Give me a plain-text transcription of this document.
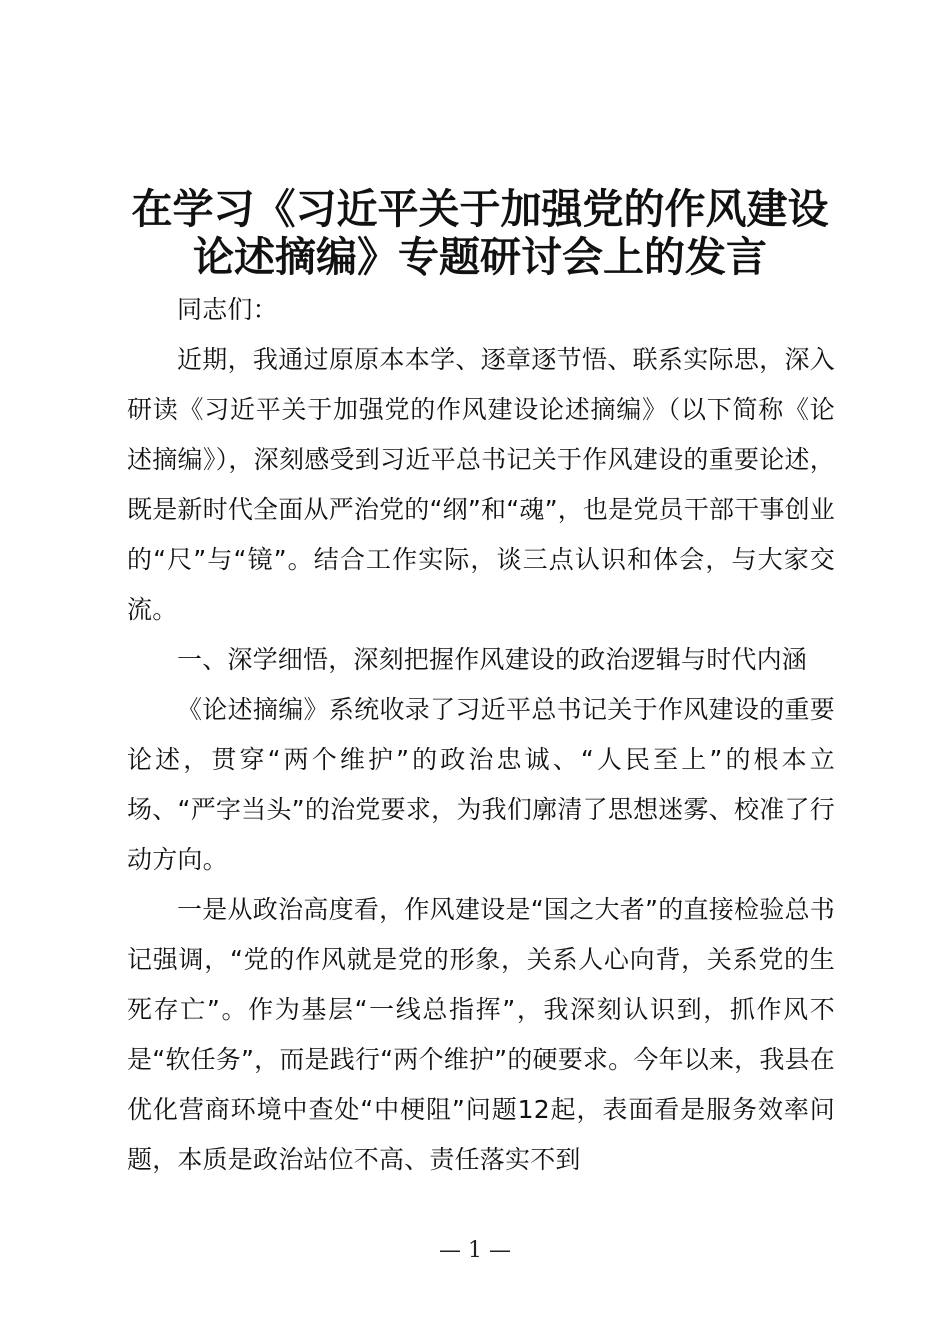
在学习《习近平关于加强党的作风建设
论述摘编》专题研讨会上的发言

同志们：

近期，我通过原原本本学、逐章逐节悟、联系实际思，深入研读《习近平关于加强党的作风建设论述摘编》（以下简称《论述摘编》），深刻感受到习近平总书记关于作风建设的重要论述，既是新时代全面从严治党的“纲”和“魂”，也是党员干部干事创业的“尺”与“镜”。结合工作实际，谈三点认识和体会，与大家交流。

一、深学细悟，深刻把握作风建设的政治逻辑与时代内涵

《论述摘编》系统收录了习近平总书记关于作风建设的重要论述，贯穿“两个维护”的政治忠诚、“人民至上”的根本立场、“严字当头”的治党要求，为我们廓清了思想迷雾、校准了行动方向。

一是从政治高度看，作风建设是“国之大者”的直接检验总书记强调，“党的作风就是党的形象，关系人心向背，关系党的生死存亡”。作为基层“一线总指挥”，我深刻认识到，抓作风不是“软任务”，而是践行“两个维护”的硬要求。今年以来，我县在优化营商环境中查处“中梗阻”问题12起，表面看是服务效率问题，本质是政治站位不高、责任落实不到

— 1 —
